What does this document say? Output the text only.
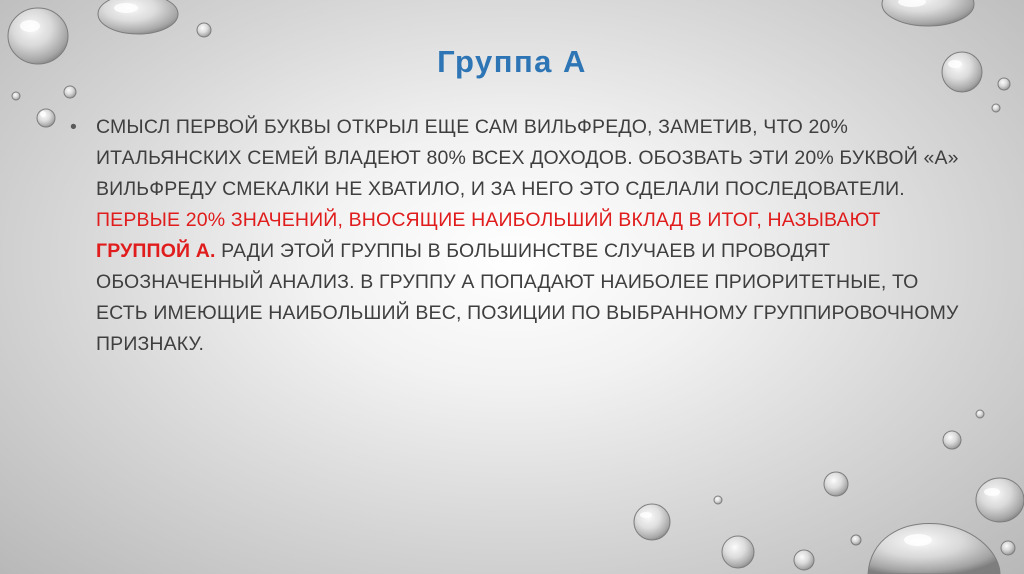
Группа А
• СМЫСЛ ПЕРВОЙ БУКВЫ ОТКРЫЛ ЕЩЕ САМ ВИЛЬФРЕДО, ЗАМЕТИВ, ЧТО 20% ИТАЛЬЯНСКИХ СЕМЕЙ ВЛАДЕЮТ 80% ВСЕХ ДОХОДОВ. ОБОЗВАТЬ ЭТИ 20% БУКВОЙ «А» ВИЛЬФРЕДУ СМЕКАЛКИ НЕ ХВАТИЛО, И ЗА НЕГО ЭТО СДЕЛАЛИ ПОСЛЕДОВАТЕЛИ. ПЕРВЫЕ 20% ЗНАЧЕНИЙ, ВНОСЯЩИЕ НАИБОЛЬШИЙ ВКЛАД В ИТОГ, НАЗЫВАЮТ ГРУППОЙ А. РАДИ ЭТОЙ ГРУППЫ В БОЛЬШИНСТВЕ СЛУЧАЕВ И ПРОВОДЯТ ОБОЗНАЧЕННЫЙ АНАЛИЗ. В ГРУППУ А ПОПАДАЮТ НАИБОЛЕЕ ПРИОРИТЕТНЫЕ, ТО ЕСТЬ ИМЕЮЩИЕ НАИБОЛЬШИЙ ВЕС, ПОЗИЦИИ ПО ВЫБРАННОМУ ГРУППИРОВОЧНОМУ ПРИЗНАКУ.
